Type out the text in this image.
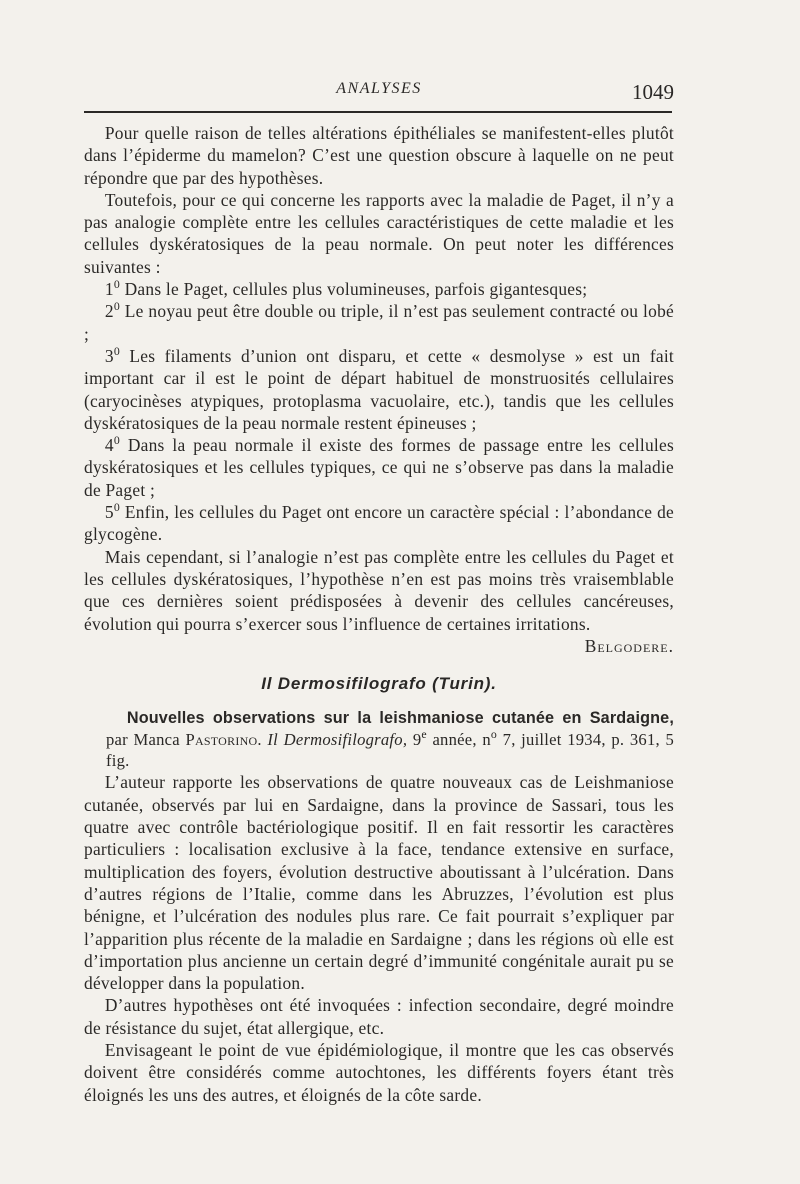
ANALYSES	1049

Pour quelle raison de telles altérations épithéliales se manifestent-elles plutôt dans l’épiderme du mamelon? C’est une question obscure à laquelle on ne peut répondre que par des hypothèses.

Toutefois, pour ce qui concerne les rapports avec la maladie de Paget, il n’y a pas analogie complète entre les cellules caractéristiques de cette maladie et les cellules dyskératosiques de la peau normale. On peut noter les différences suivantes :

$1^0$ Dans le Paget, cellules plus volumineuses, parfois gigantesques;

$2^0$ Le noyau peut être double ou triple, il n’est pas seulement contracté ou lobé ;

$3^0$ Les filaments d’union ont disparu, et cette « desmolyse » est un fait important car il est le point de départ habituel de monstruosités cellulaires (caryocinèses atypiques, protoplasma vacuolaire, etc.), tandis que les cellules dyskératosiques de la peau normale restent épineuses ;

$4^0$ Dans la peau normale il existe des formes de passage entre les cellules dyskératosiques et les cellules typiques, ce qui ne s’observe pas dans la maladie de Paget ;

$5^0$ Enfin, les cellules du Paget ont encore un caractère spécial : l’abondance de glycogène.

Mais cependant, si l’analogie n’est pas complète entre les cellules du Paget et les cellules dyskératosiques, l’hypothèse n’en est pas moins très vraisemblable que ces dernières soient prédisposées à devenir des cellules cancéreuses, évolution qui pourra s’exercer sous l’influence de certaines irritations.

Belgodere.
Il Dermosifilografo (Turin).

Nouvelles observations sur la leishmaniose cutanée en Sardaigne, par Manca Pastorino. Il Dermosifilografo, 9e année, $n^o$ 7, juillet 1934, p. 361, 5 fig.

L’auteur rapporte les observations de quatre nouveaux cas de Leishmaniose cutanée, observés par lui en Sardaigne, dans la province de Sassari, tous les quatre avec contrôle bactériologique positif. Il en fait ressortir les caractères particuliers : localisation exclusive à la face, tendance extensive en surface, multiplication des foyers, évolution destructive aboutissant à l’ulcération. Dans d’autres régions de l’Italie, comme dans les Abruzzes, l’évolution est plus bénigne, et l’ulcération des nodules plus rare. Ce fait pourrait s’expliquer par l’apparition plus récente de la maladie en Sardaigne ; dans les régions où elle est d’importation plus ancienne un certain degré d’immunité congénitale aurait pu se développer dans la population.

D’autres hypothèses ont été invoquées : infection secondaire, degré moindre de résistance du sujet, état allergique, etc.

Envisageant le point de vue épidémiologique, il montre que les cas observés doivent être considérés comme autochtones, les différents foyers étant très éloignés les uns des autres, et éloignés de la côte sarde.
